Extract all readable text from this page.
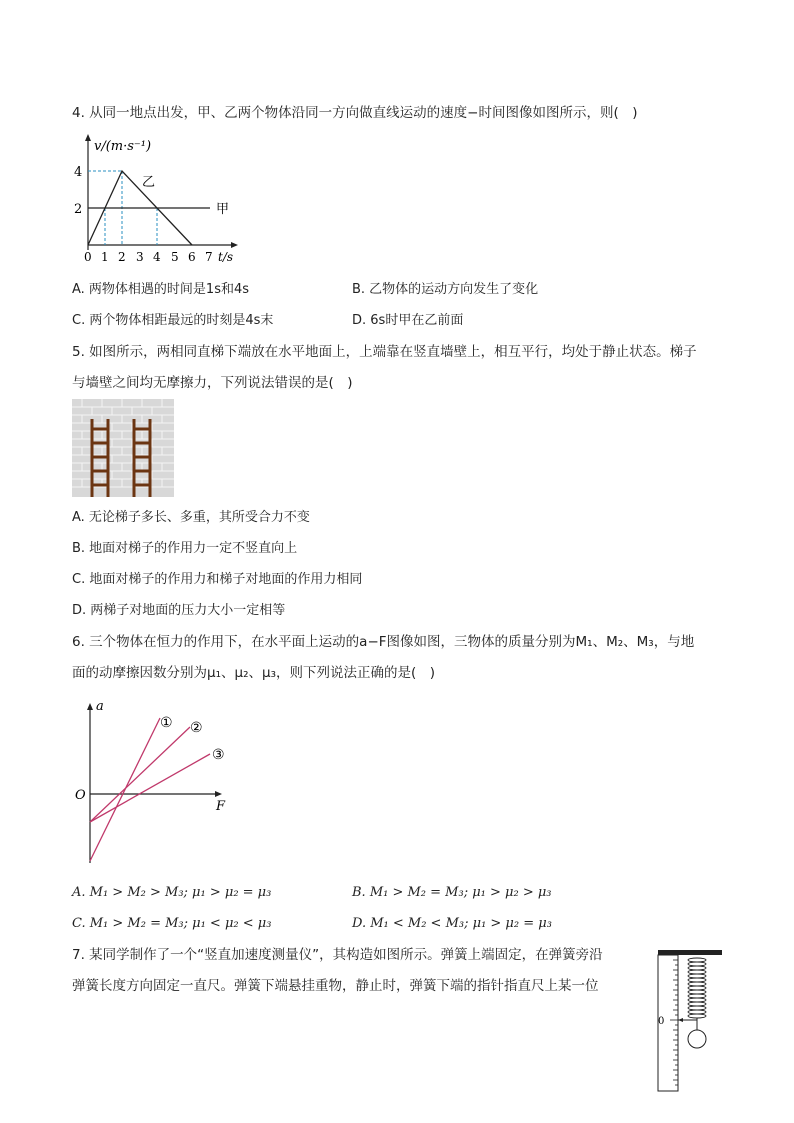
4. 从同一地点出发，甲、乙两个物体沿同一方向做直线运动的速度−时间图像如图所示，则( )
v/(m·s⁻¹)
4
2
乙
甲
0 1 2 3 4 5 6 7 t/s
A. 两物体相遇的时间是1s和4s	B. 乙物体的运动方向发生了变化
C. 两个物体相距最远的时刻是4s末	D. 6s时甲在乙前面
5. 如图所示，两相同直梯下端放在水平地面上，上端靠在竖直墙壁上，相互平行，均处于静止状态。梯子
与墙壁之间均无摩擦力，下列说法错误的是( )
A. 无论梯子多长、多重，其所受合力不变
B. 地面对梯子的作用力一定不竖直向上
C. 地面对梯子的作用力和梯子对地面的作用力相同
D. 两梯子对地面的压力大小一定相等
6. 三个物体在恒力的作用下，在水平面上运动的a−F图像如图，三物体的质量分别为M₁、M₂、M₃，与地
面的动摩擦因数分别为μ₁、μ₂、μ₃，则下列说法正确的是( )
a
O
F
① ②
③
A. M₁ > M₂ > M₃; μ₁ > μ₂ = μ₃	B. M₁ > M₂ = M₃; μ₁ > μ₂ > μ₃
C. M₁ > M₂ = M₃; μ₁ < μ₂ < μ₃	D. M₁ < M₂ < M₃; μ₁ > μ₂ = μ₃
7. 某同学制作了一个“竖直加速度测量仪”，其构造如图所示。弹簧上端固定，在弹簧旁沿
弹簧长度方向固定一直尺。弹簧下端悬挂重物，静止时，弹簧下端的指针指直尺上某一位
0
